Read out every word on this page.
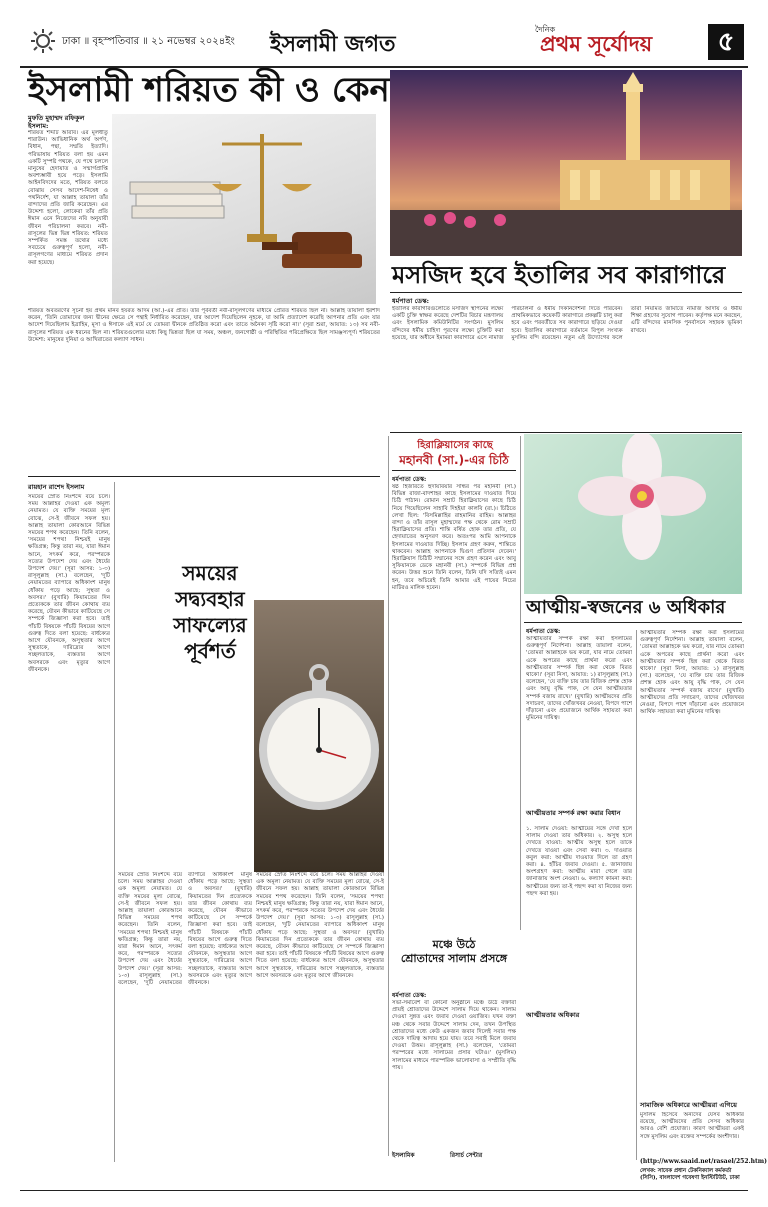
ঢাকা ॥ বৃহস্পতিবার ॥ ২১ নভেম্বর ২০২৪ইং ইসলামী জগত
দৈনিক
প্রথম সূর্যোদয়	৫
ইসলামী শরিয়ত কী ও কেন
মুফতি মুহাম্মদ রফিকুল ইসলাম:
শরিয়ত শব্দটি আরবি। এর মূলধাতু শারাউন। আভিধানিক অর্থ অর্পণ, বিধান, পন্থা, সম্মতি ইত্যাদি। পরিভাষায় শরিয়ত বলা হয় এমন একটি সুস্পষ্ট পথকে, যে পথে চললে মানুষের হেদায়াত ও সন্মার্গপ্রাপ্তি অবশ্যম্ভাবী হয়ে পড়ে। ইসলামি আইনবিদদের মতে, শরিয়ত বলতে বোঝায় সেসব আদেশ-নিষেধ ও পথনির্দেশ, যা আল্লাহ তায়ালা তাঁর বান্দাদের প্রতি জারি করেছেন। এর উদ্দেশ্য হলো, লোকেরা তাঁর প্রতি ঈমান এনে নিজেদের নবি অনুযায়ী জীবন পরিচালনা করবে। নবী-রাসূলের ভিন্ন ভিন্ন শরিয়ত: শরিয়ত সম্পর্কিত সমস্ত তথ্যের মধ্যে সবচেয়ে গুরুত্বপূর্ণ হলো, নবী-রাসূলগণের মাধ্যমে শরিয়ত প্রদান করা হয়েছে।
শরিয়ত অবতরণের সূচনা হয় প্রথম মানব হযরত আদম (আ.)-এর প্রতি। তাঁর পূর্ববর্তী নবী-রাসূলগণের মাধ্যমে প্রেরিত শরিয়ত ছিল না। আল্লাহ তায়ালা ইরশাদ করেন, 'তিনি তোমাদের জন্য দ্বীনের ক্ষেত্রে সে পন্থাই নির্ধারিত করেছেন, যার আদেশ দিয়েছিলেন নূহকে, যা আমি প্রত্যাদেশ করেছি আপনার প্রতি এবং যার আদেশ দিয়েছিলাম ইব্রাহিম, মূসা ও ঈসাকে এই মর্মে যে তোমরা দ্বীনকে প্রতিষ্ঠিত করো এবং তাতে অনৈক্য সৃষ্টি করো না।' (সূরা শুরা, আয়াত: ১৩) সব নবী-রাসূলের শরিয়ত এক ধরনের ছিল না। শরিয়তগুলোর মধ্যে কিছু ভিন্নতা ছিল যা সময়, অঞ্চল, জনগোষ্ঠী ও পরিস্থিতির পরিপ্রেক্ষিতে ছিল সামঞ্জস্যপূর্ণ। শরিয়তের উদ্দেশ্য: মানুষের দুনিয়া ও আখিরাতের কল্যাণ সাধন।
মসজিদ হবে ইতালির সব কারাগারে
ধর্মপাতা ডেস্ক:
ইতালির কারাগারগুলোতে মসজিদ স্থাপনের লক্ষ্যে একটি চুক্তি স্বাক্ষর করেছে দেশটির বিচার মন্ত্রণালয় এবং ইসলামিক কমিউনিটির সংগঠন। মুসলিম বন্দিদের ধর্মীয় চাহিদা পূরণের লক্ষ্যে চুক্তিটি করা হয়েছে, যার অধীনে ইমামরা কারাগারে এসে নামাজ পরিচালনা ও ধর্মীয় দিকনির্দেশনা দিতে পারবেন। প্রাথমিকভাবে কয়েকটি কারাগারে প্রকল্পটি চালু করা হবে এবং পরবর্তীতে সব কারাগারে ছড়িয়ে দেওয়া হবে। ইতালির কারাগারে বর্তমানে বিপুল সংখ্যক মুসলিম বন্দি রয়েছেন। নতুন এই উদ্যোগের ফলে তাঁরা নিয়মিত জামাতে নামাজ আদায় ও ধর্মীয় শিক্ষা গ্রহণের সুযোগ পাবেন। কর্তৃপক্ষ মনে করছেন, এটি বন্দিদের মানসিক পুনর্বাসনে সহায়ক ভূমিকা রাখবে।
হিরাক্লিয়াসের কাছে
মহানবী (সা.)-এর চিঠি
ধর্মপাতা ডেস্ক:
ষষ্ঠ হিজরিতে হুদায়বিয়ার সন্ধির পর মহানবী (সা.) বিভিন্ন রাজা-বাদশাহর কাছে ইসলামের দাওয়াত দিয়ে চিঠি পাঠান। রোমান সম্রাট হিরাক্লিয়াসের কাছে চিঠি নিয়ে গিয়েছিলেন সাহাবি দিহইয়া কালবি (রা.)। চিঠিতে লেখা ছিল: 'বিসমিল্লাহির রাহমানির রাহিম। আল্লাহর বান্দা ও তাঁর রাসূল মুহাম্মদের পক্ষ থেকে রোম সম্রাট হিরাক্লিয়াসের প্রতি। শান্তি বর্ষিত হোক তার প্রতি, যে হেদায়াতের অনুসরণ করে। অতঃপর আমি আপনাকে ইসলামের দাওয়াত দিচ্ছি। ইসলাম গ্রহণ করুন, শান্তিতে থাকবেন। আল্লাহ আপনাকে দ্বিগুণ প্রতিদান দেবেন।' হিরাক্লিয়াস চিঠিটি সম্মানের সঙ্গে গ্রহণ করেন এবং আবু সুফিয়ানকে ডেকে মহানবী (সা.) সম্পর্কে বিভিন্ন প্রশ্ন করেন। উত্তর শুনে তিনি বলেন, তিনি যদি সত্যিই এমন হন, তবে অচিরেই তিনি আমার এই পায়ের নিচের মাটিরও মালিক হবেন।
আত্মীয়-স্বজনের ৬ অধিকার
ধর্মপাতা ডেস্ক:
আত্মীয়তার সম্পর্ক রক্ষা করা ইসলামের গুরুত্বপূর্ণ নির্দেশনা। আল্লাহ তায়ালা বলেন, 'তোমরা আল্লাহকে ভয় করো, যার নামে তোমরা একে অপরের কাছে প্রার্থনা করো এবং আত্মীয়তার সম্পর্ক ছিন্ন করা থেকে বিরত থাকো।' (সূরা নিসা, আয়াত: ১) রাসূলুল্লাহ (সা.) বলেছেন, 'যে ব্যক্তি চায় তার রিজিক প্রশস্ত হোক এবং আয়ু বৃদ্ধি পাক, সে যেন আত্মীয়তার সম্পর্ক বজায় রাখে।' (বুখারি) আত্মীয়দের প্রতি সদাচরণ, তাদের খোঁজখবর নেওয়া, বিপদে পাশে দাঁড়ানো এবং প্রয়োজনে আর্থিক সহায়তা করা মুমিনের দায়িত্ব।
আত্মীয়তার সম্পর্ক রক্ষা করার বিধান
১. সালাম দেওয়া: আত্মীয়ের সঙ্গে দেখা হলে সালাম দেওয়া তার অধিকার। ২. অসুস্থ হলে দেখতে যাওয়া: আত্মীয় অসুস্থ হলে তাকে দেখতে যাওয়া এবং সেবা করা। ৩. দাওয়াত কবুল করা: আত্মীয় দাওয়াত দিলে তা গ্রহণ করা। ৪. হাঁচির জবাব দেওয়া। ৫. জানাজায় অংশগ্রহণ করা: আত্মীয় মারা গেলে তার জানাজায় অংশ নেওয়া। ৬. কল্যাণ কামনা করা: আত্মীয়ের জন্য তা-ই পছন্দ করা যা নিজের জন্য পছন্দ করা হয়।
আত্মীয়তার অধিকার
আত্মীয়তার সম্পর্ক রক্ষা করা ইসলামের গুরুত্বপূর্ণ নির্দেশনা। আল্লাহ তায়ালা বলেন, 'তোমরা আল্লাহকে ভয় করো, যার নামে তোমরা একে অপরের কাছে প্রার্থনা করো এবং আত্মীয়তার সম্পর্ক ছিন্ন করা থেকে বিরত থাকো।' (সূরা নিসা, আয়াত: ১) রাসূলুল্লাহ (সা.) বলেছেন, 'যে ব্যক্তি চায় তার রিজিক প্রশস্ত হোক এবং আয়ু বৃদ্ধি পাক, সে যেন আত্মীয়তার সম্পর্ক বজায় রাখে।' (বুখারি) আত্মীয়দের প্রতি সদাচরণ, তাদের খোঁজখবর নেওয়া, বিপদে পাশে দাঁড়ানো এবং প্রয়োজনে আর্থিক সহায়তা করা মুমিনের দায়িত্ব।
সামাজিক অধিকারে আত্মীয়রা এগিয়ে
মুসলিম হিসেবে অন্যদের যেসব অধিকার রয়েছে, আত্মীয়দের প্রতি সেসব অধিকার আরও বেশি প্রযোজ্য। কারণ আত্মীয়রা একই সঙ্গে মুসলিম এবং রক্তের সম্পর্কের অংশীদার।
(http://www.saaid.net/rasael/252.htm)
লেখক: সাবেক প্রধান টেকনিক্যাল কর্মকর্তা (সিসি), বাংলাদেশ গবেষণা ইনস্টিটিউট, ঢাকা
রায়হান রাশেদ ইসলাম
সময়ের স্রোত নিঃশব্দে বয়ে চলে। সময় আল্লাহর দেওয়া এক অমূল্য নেয়ামত। যে ব্যক্তি সময়ের মূল্য বোঝে, সে-ই জীবনে সফল হয়। আল্লাহ তায়ালা কোরআনে বিভিন্ন সময়ের শপথ করেছেন। তিনি বলেন, 'সময়ের শপথ! নিশ্চয়ই মানুষ ক্ষতিগ্রস্ত; কিন্তু তারা নয়, যারা ঈমান আনে, সৎকর্ম করে, পরস্পরকে সত্যের উপদেশ দেয় এবং ধৈর্যের উপদেশ দেয়।' (সূরা আসর: ১-৩) রাসূলুল্লাহ (সা.) বলেছেন, 'দুটি নেয়ামতের ব্যাপারে অধিকাংশ মানুষ ধোঁকায় পড়ে আছে: সুস্থতা ও অবসর।' (বুখারি) কিয়ামতের দিন প্রত্যেককে তার জীবন কোথায় ব্যয় করেছে, যৌবন কীভাবে কাটিয়েছে সে সম্পর্কে জিজ্ঞাসা করা হবে। তাই পাঁচটি বিষয়কে পাঁচটি বিষয়ের আগে গুরুত্ব দিতে বলা হয়েছে: বার্ধক্যের আগে যৌবনকে, অসুস্থতার আগে সুস্থতাকে, দারিদ্র্যের আগে সচ্ছলতাকে, ব্যস্ততার আগে অবসরকে এবং মৃত্যুর আগে জীবনকে।
সময়ের
সদ্ব্যবহার
সাফল্যের
পূর্বশর্ত
সময়ের স্রোত নিঃশব্দে বয়ে চলে। সময় আল্লাহর দেওয়া এক অমূল্য নেয়ামত। যে ব্যক্তি সময়ের মূল্য বোঝে, সে-ই জীবনে সফল হয়। আল্লাহ তায়ালা কোরআনে বিভিন্ন সময়ের শপথ করেছেন। তিনি বলেন, 'সময়ের শপথ! নিশ্চয়ই মানুষ ক্ষতিগ্রস্ত; কিন্তু তারা নয়, যারা ঈমান আনে, সৎকর্ম করে, পরস্পরকে সত্যের উপদেশ দেয় এবং ধৈর্যের উপদেশ দেয়।' (সূরা আসর: ১-৩) রাসূলুল্লাহ (সা.) বলেছেন, 'দুটি নেয়ামতের ব্যাপারে অধিকাংশ মানুষ ধোঁকায় পড়ে আছে: সুস্থতা ও অবসর।' (বুখারি) কিয়ামতের দিন প্রত্যেককে তার জীবন কোথায় ব্যয় করেছে, যৌবন কীভাবে কাটিয়েছে সে সম্পর্কে জিজ্ঞাসা করা হবে। তাই পাঁচটি বিষয়কে পাঁচটি বিষয়ের আগে গুরুত্ব দিতে বলা হয়েছে: বার্ধক্যের আগে যৌবনকে, অসুস্থতার আগে সুস্থতাকে, দারিদ্র্যের আগে সচ্ছলতাকে, ব্যস্ততার আগে অবসরকে এবং মৃত্যুর আগে জীবনকে।
সময়ের স্রোত নিঃশব্দে বয়ে চলে। সময় আল্লাহর দেওয়া এক অমূল্য নেয়ামত। যে ব্যক্তি সময়ের মূল্য বোঝে, সে-ই জীবনে সফল হয়। আল্লাহ তায়ালা কোরআনে বিভিন্ন সময়ের শপথ করেছেন। তিনি বলেন, 'সময়ের শপথ! নিশ্চয়ই মানুষ ক্ষতিগ্রস্ত; কিন্তু তারা নয়, যারা ঈমান আনে, সৎকর্ম করে, পরস্পরকে সত্যের উপদেশ দেয় এবং ধৈর্যের উপদেশ দেয়।' (সূরা আসর: ১-৩) রাসূলুল্লাহ (সা.) বলেছেন, 'দুটি নেয়ামতের ব্যাপারে অধিকাংশ মানুষ ধোঁকায় পড়ে আছে: সুস্থতা ও অবসর।' (বুখারি) কিয়ামতের দিন প্রত্যেককে তার জীবন কোথায় ব্যয় করেছে, যৌবন কীভাবে কাটিয়েছে সে সম্পর্কে জিজ্ঞাসা করা হবে। তাই পাঁচটি বিষয়কে পাঁচটি বিষয়ের আগে গুরুত্ব দিতে বলা হয়েছে: বার্ধক্যের আগে যৌবনকে, অসুস্থতার আগে সুস্থতাকে, দারিদ্র্যের আগে সচ্ছলতাকে, ব্যস্ততার আগে অবসরকে এবং মৃত্যুর আগে জীবনকে।
মঞ্চে উঠে
শ্রোতাদের সালাম প্রসঙ্গে
ধর্মপাতা ডেস্ক:
সভা-সমাবেশ বা কোনো অনুষ্ঠানে মঞ্চে উঠে বক্তারা প্রায়ই শ্রোতাদের উদ্দেশে সালাম দিয়ে থাকেন। সালাম দেওয়া সুন্নত এবং জবাব দেওয়া ওয়াজিব। যখন বক্তা মঞ্চ থেকে সবার উদ্দেশে সালাম দেন, তখন উপস্থিত শ্রোতাদের মধ্যে কেউ একজন জবাব দিলেই সবার পক্ষ থেকে দায়িত্ব আদায় হয়ে যায়। তবে সবাই মিলে জবাব দেওয়া উত্তম। রাসূলুল্লাহ (সা.) বলেছেন, 'তোমরা পরস্পরের মধ্যে সালামের প্রসার ঘটাও।' (মুসলিম) সালামের মাধ্যমে পারস্পরিক ভালোবাসা ও সম্প্রীতি বৃদ্ধি পায়।
ইসলামিক	রিসার্চ সেন্টার
